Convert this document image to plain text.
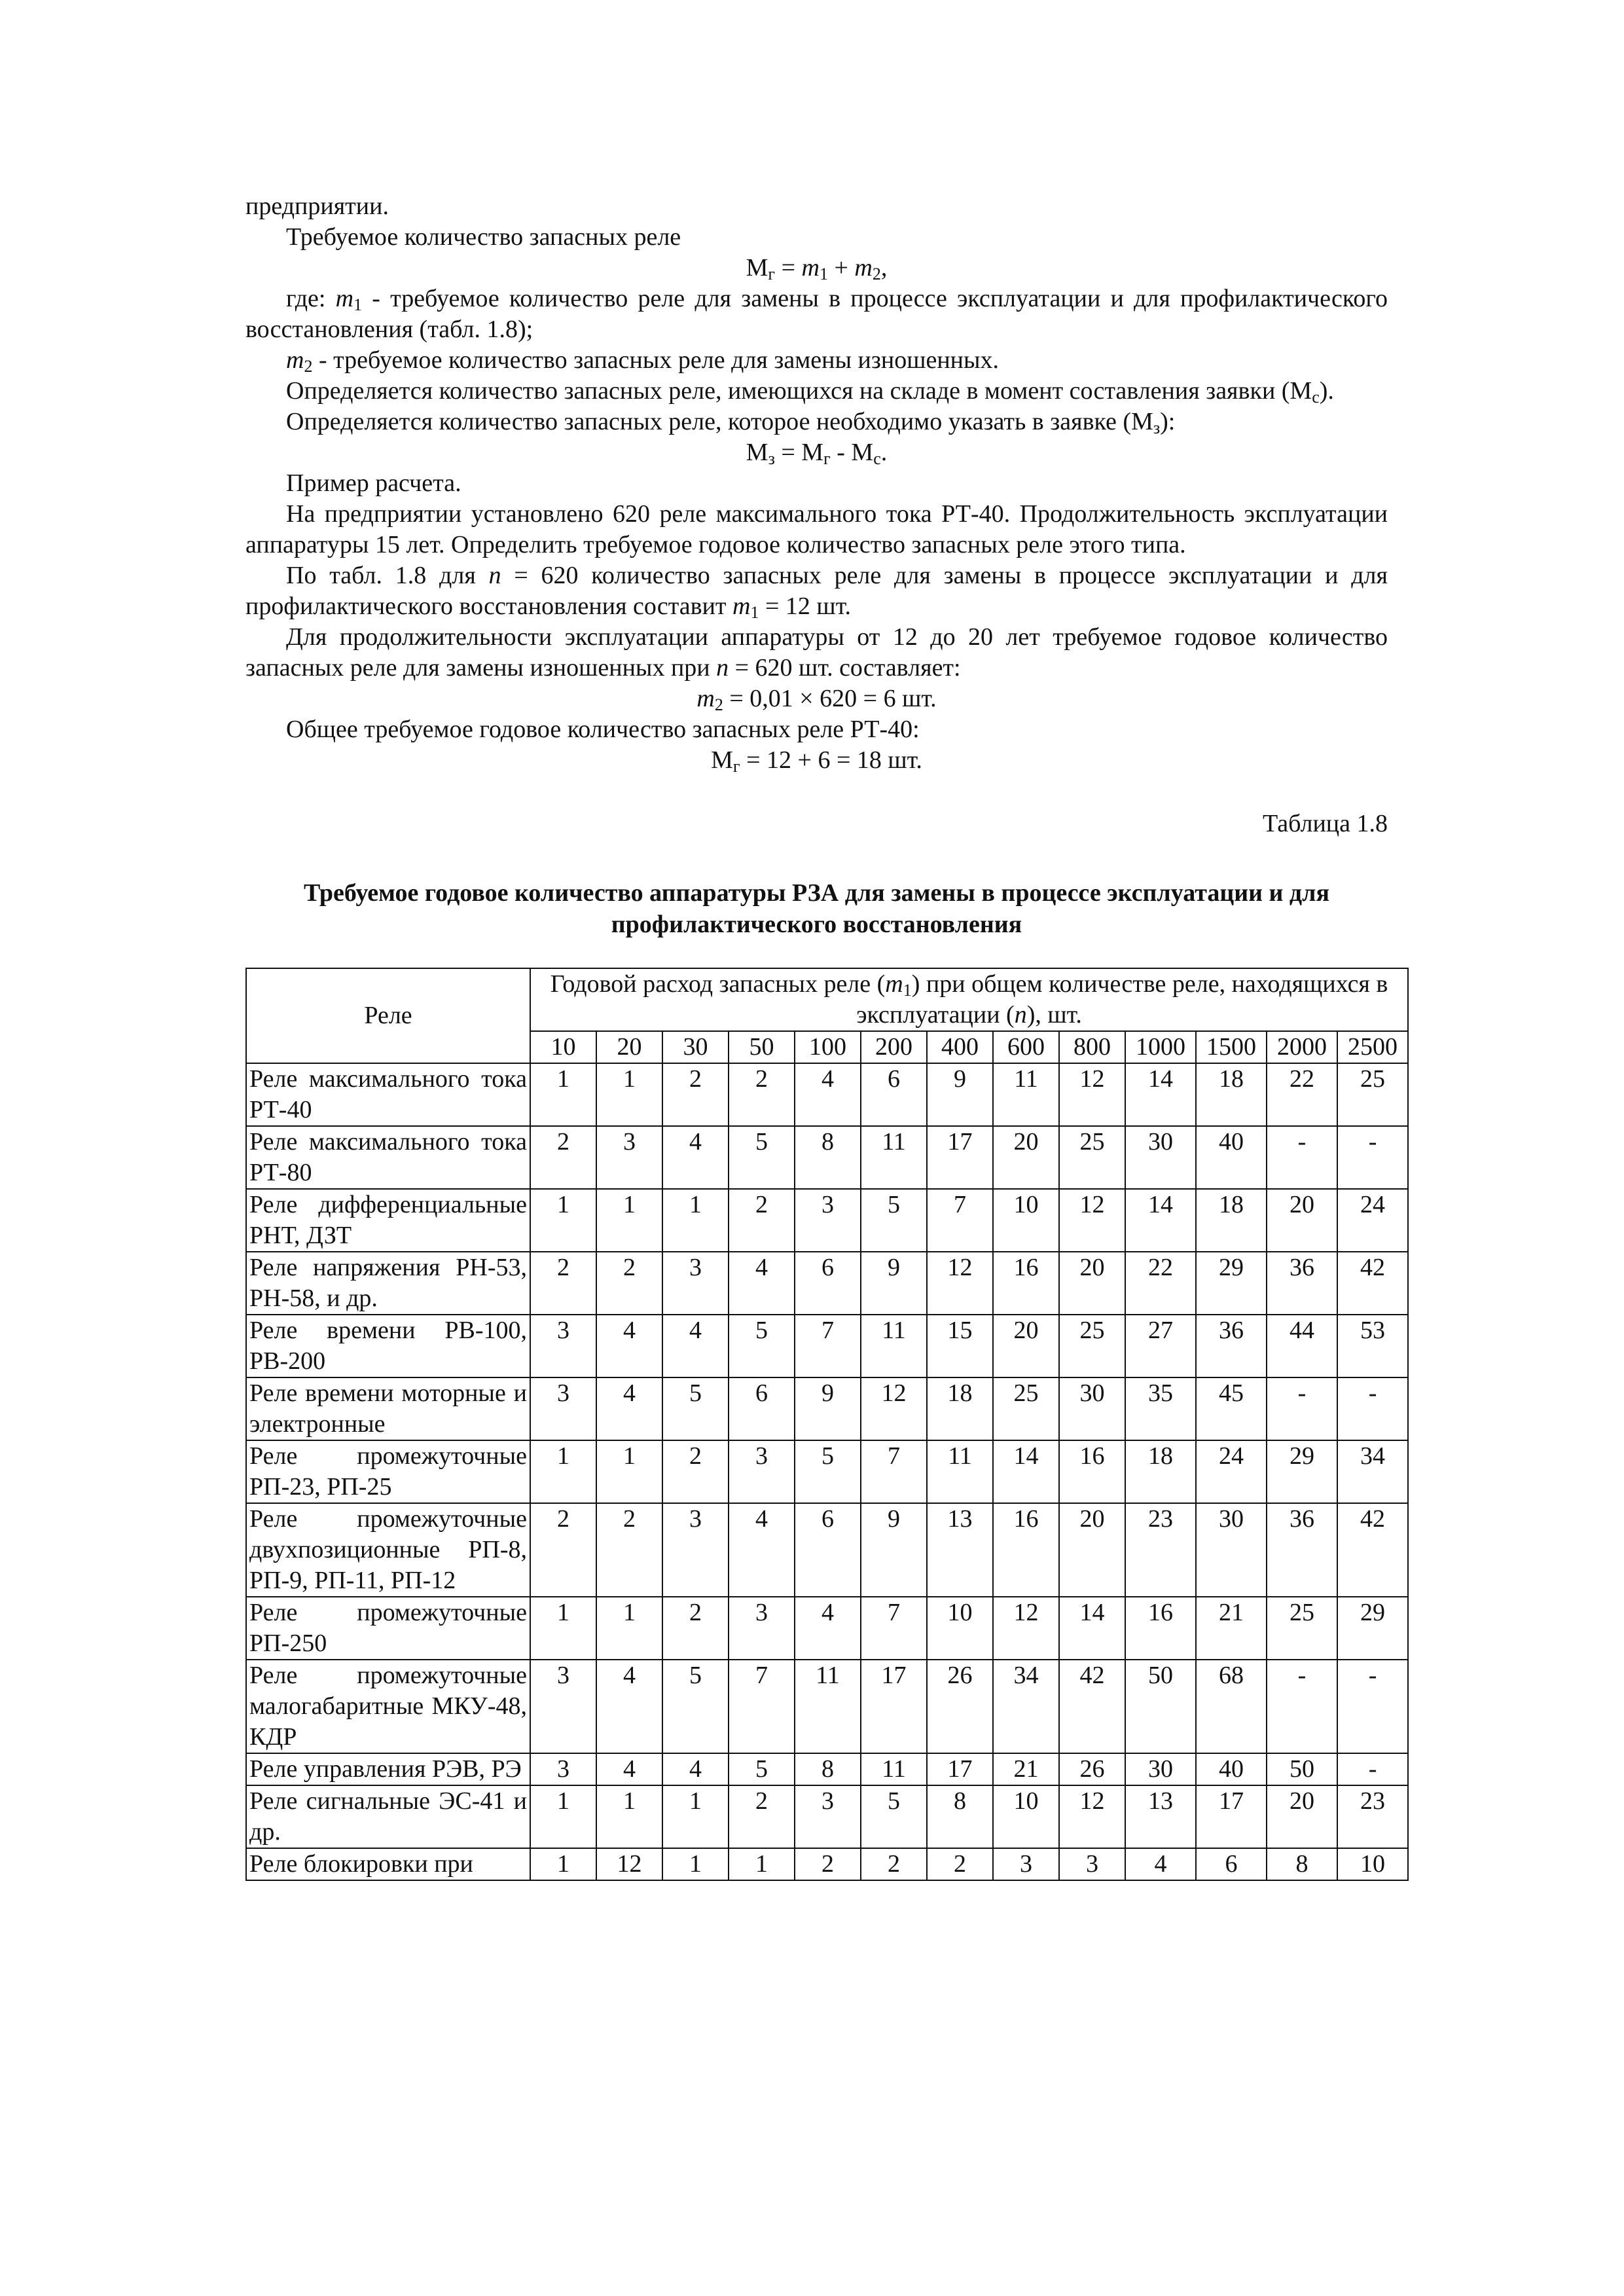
предприятии.

Требуемое количество запасных реле

$М_г = m_1 + m_2$,

где: $m_1$ - требуемое количество реле для замены в процессе эксплуатации и для профилактического восстановления (табл. 1.8);

$m_2$ - требуемое количество запасных реле для замены изношенных.

Определяется количество запасных реле, имеющихся на складе в момент составления заявки $(М_с)$.

Определяется количество запасных реле, которое необходимо указать в заявке $(М_з)$:

$М_з = М_г - М_с$.

Пример расчета.

На предприятии установлено 620 реле максимального тока РТ-40. Продолжительность эксплуатации аппаратуры 15 лет. Определить требуемое годовое количество запасных реле этого типа.

По табл. 1.8 для n = 620 количество запасных реле для замены в процессе эксплуатации и для профилактического восстановления составит $m_1 = 12$ шт.

Для продолжительности эксплуатации аппаратуры от 12 до 20 лет требуемое годовое количество запасных реле для замены изношенных при n = 620 шт. составляет:

$m_2 = 0,01 \times 620 = 6$ шт.

Общее требуемое годовое количество запасных реле РТ-40:

$М_г = 12 + 6 = 18$ шт.

Таблица 1.8

Требуемое годовое количество аппаратуры РЗА для замены в процессе эксплуатации и для профилактического восстановления

Реле	Годовой расход запасных реле $(m_1)$ при общем количестве реле, находящихся в эксплуатации (n), шт.												
	10	20	30	50	100	200	400	600	800	1000	1500	2000	2500
Реле максимального тока РТ-40	1	1	2	2	4	6	9	11	12	14	18	22	25
Реле максимального тока РТ-80	2	3	4	5	8	11	17	20	25	30	40	-	-
Реле дифференциальные РНТ, ДЗТ	1	1	1	2	3	5	7	10	12	14	18	20	24
Реле напряжения РН-53, РН-58, и др.	2	2	3	4	6	9	12	16	20	22	29	36	42
Реле времени РВ-100, РВ-200	3	4	4	5	7	11	15	20	25	27	36	44	53
Реле времени моторные и электронные	3	4	5	6	9	12	18	25	30	35	45	-	-
Реле промежуточные РП-23, РП-25	1	1	2	3	5	7	11	14	16	18	24	29	34
Реле промежуточные двухпозиционные РП-8, РП-9, РП-11, РП-12	2	2	3	4	6	9	13	16	20	23	30	36	42
Реле промежуточные РП-250	1	1	2	3	4	7	10	12	14	16	21	25	29
Реле промежуточные малогабаритные МКУ-48, КДР	3	4	5	7	11	17	26	34	42	50	68	-	-
Реле управления РЭВ, РЭ	3	4	4	5	8	11	17	21	26	30	40	50	-
Реле сигнальные ЭС-41 и др.	1	1	1	2	3	5	8	10	12	13	17	20	23
Реле блокировки при	1	12	1	1	2	2	2	3	3	4	6	8	10
